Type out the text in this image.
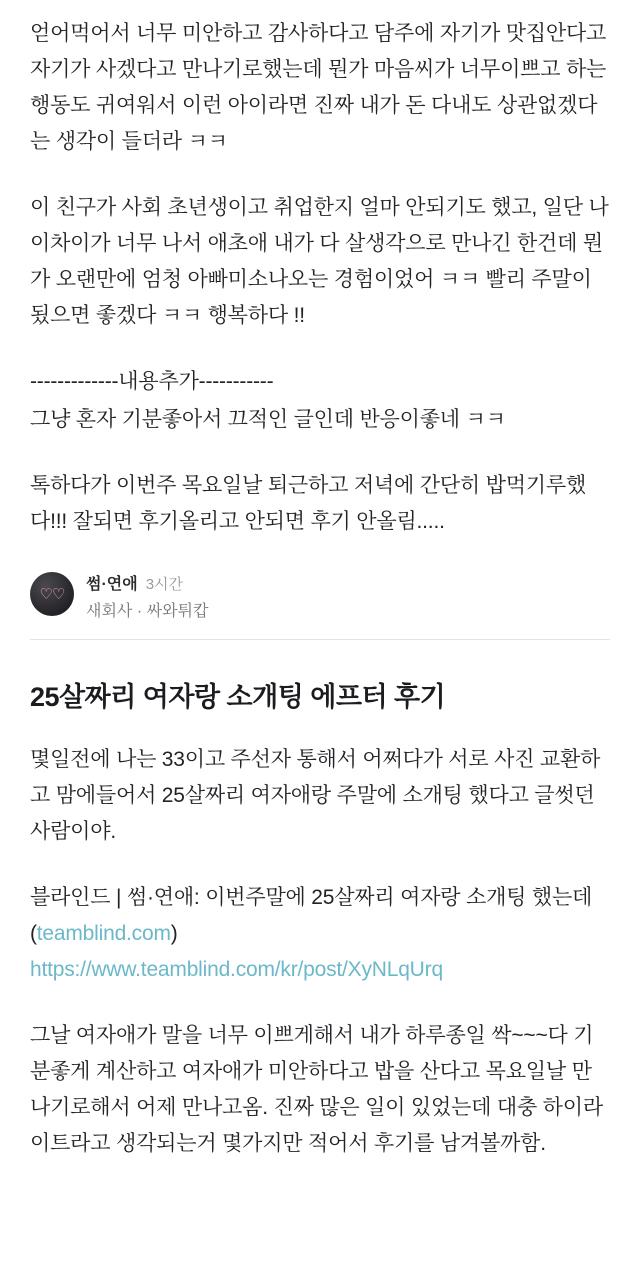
얻어먹어서 너무 미안하고 감사하다고 담주에 자기가 맛집안다고 자기가 사겠다고 만나기로했는데 뭔가 마음씨가 너무이쁘고 하는행동도 귀여워서 이런 아이라면 진짜 내가 돈 다내도 상관없겠다는 생각이 들더라 ㅋㅋ

이 친구가 사회 초년생이고 취업한지 얼마 안되기도 했고, 일단 나이차이가 너무 나서 애초애 내가 다 살생각으로 만나긴 한건데 뭔가 오랜만에 엄청 아빠미소나오는 경험이었어 ㅋㅋ 빨리 주말이 됬으면 좋겠다 ㅋㅋ 행복하다 !!

-------------내용추가-----------

그냥 혼자 기분좋아서 끄적인 글인데 반응이좋네 ㅋㅋ

톡하다가 이번주 목요일날 퇴근하고 저녁에 간단히 밥먹기루했다!!! 잘되면 후기올리고 안되면 후기 안올림.....

♡♡
썸·연애 3시간
새회사 · 싸와튀캅
25살짜리 여자랑 소개팅 에프터 후기

몇일전에 나는 33이고 주선자 통해서 어쩌다가 서로 사진 교환하고 맘에들어서 25살짜리 여자애랑 주말에 소개팅 했다고 글썻던 사람이야.

블라인드 | 썸·연애: 이번주말에 25살짜리 여자랑 소개팅 했는데 (teamblind.com)
https://www.teamblind.com/kr/post/XyNLqUrq

그날 여자애가 말을 너무 이쁘게해서 내가 하루종일 싹~~~다 기분좋게 계산하고 여자애가 미안하다고 밥을 산다고 목요일날 만나기로해서 어제 만나고옴. 진짜 많은 일이 있었는데 대충 하이라이트라고 생각되는거 몇가지만 적어서 후기를 남겨볼까함.
